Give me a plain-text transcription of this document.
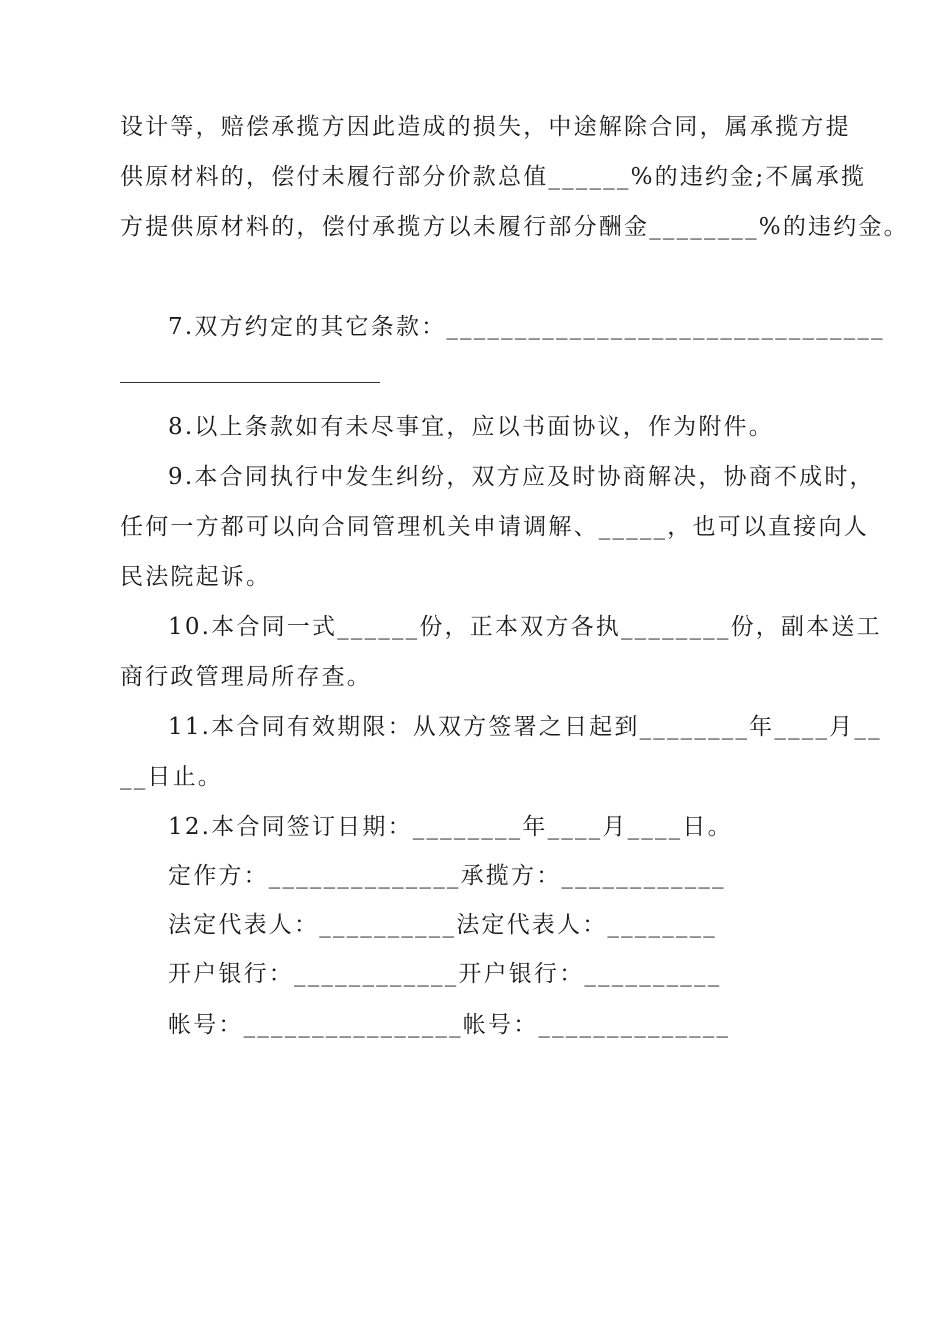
设计等，赔偿承揽方因此造成的损失，中途解除合同，属承揽方提
供原材料的，偿付未履行部分价款总值______%的违约金;不属承揽
方提供原材料的，偿付承揽方以未履行部分酬金________%的违约金。
7.双方约定的其它条款：________________________________
8.以上条款如有未尽事宜，应以书面协议，作为附件。
9.本合同执行中发生纠纷，双方应及时协商解决，协商不成时，
任何一方都可以向合同管理机关申请调解、_____，也可以直接向人
民法院起诉。
10.本合同一式______份，正本双方各执________份，副本送工
商行政管理局所存查。
11.本合同有效期限：从双方签署之日起到________年____月__
__日止。
12.本合同签订日期：________年____月____日。
定作方：______________承揽方：____________
法定代表人：__________法定代表人：________
开户银行：____________开户银行：__________
帐号：________________帐号：______________
